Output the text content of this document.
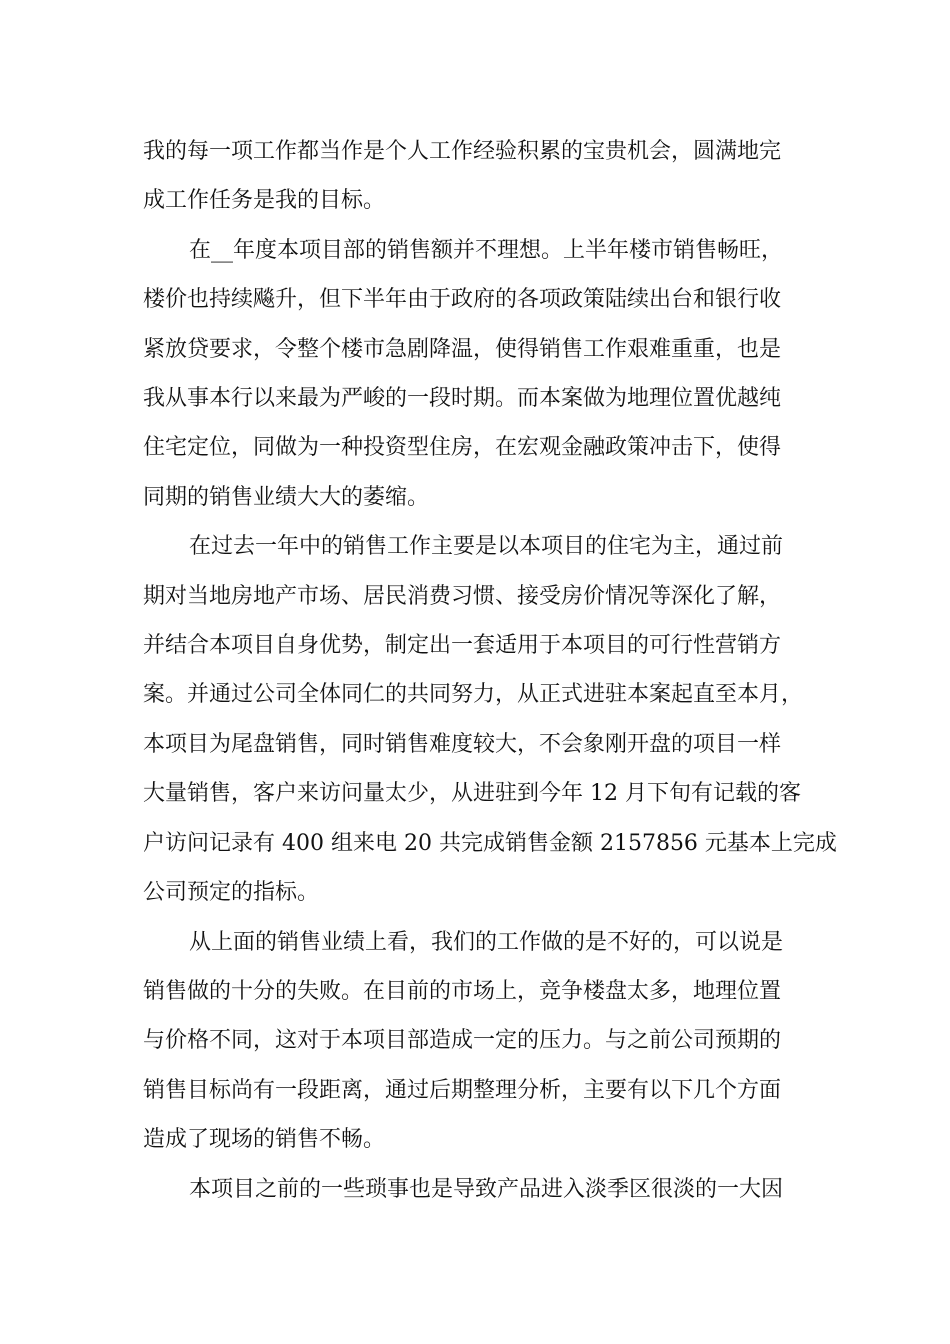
我的每一项工作都当作是个人工作经验积累的宝贵机会，圆满地完
成工作任务是我的目标。
在__年度本项目部的销售额并不理想。上半年楼市销售畅旺，
楼价也持续飚升，但下半年由于政府的各项政策陆续出台和银行收
紧放贷要求，令整个楼市急剧降温，使得销售工作艰难重重，也是
我从事本行以来最为严峻的一段时期。而本案做为地理位置优越纯
住宅定位，同做为一种投资型住房，在宏观金融政策冲击下，使得
同期的销售业绩大大的萎缩。
在过去一年中的销售工作主要是以本项目的住宅为主，通过前
期对当地房地产市场、居民消费习惯、接受房价情况等深化了解，
并结合本项目自身优势，制定出一套适用于本项目的可行性营销方
案。并通过公司全体同仁的共同努力，从正式进驻本案起直至本月，
本项目为尾盘销售，同时销售难度较大，不会象刚开盘的项目一样
大量销售，客户来访问量太少，从进驻到今年 12 月下旬有记载的客
户访问记录有 400 组来电 20 共完成销售金额 2157856 元基本上完成
公司预定的指标。
从上面的销售业绩上看，我们的工作做的是不好的，可以说是
销售做的十分的失败。在目前的市场上，竞争楼盘太多，地理位置
与价格不同，这对于本项目部造成一定的压力。与之前公司预期的
销售目标尚有一段距离，通过后期整理分析，主要有以下几个方面
造成了现场的销售不畅。
本项目之前的一些琐事也是导致产品进入淡季区很淡的一大因
